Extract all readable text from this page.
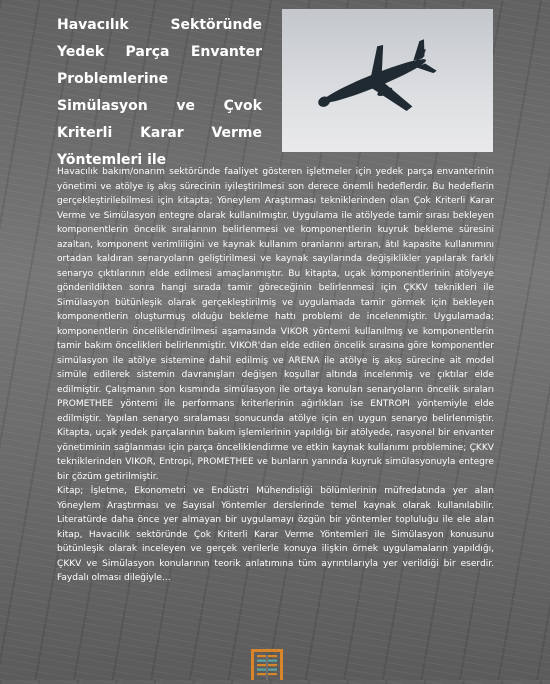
Havacılık Sektöründe Yedek Parça Envanter Problemlerine Simülasyon ve Çvok Kriterli Karar Verme Yöntemleri ile

Havacılık bakım/onarım sektöründe faaliyet gösteren işletmeler için yedek parça envanterinin yönetimi ve atölye iş akış sürecinin iyileştirilmesi son derece önemli hedeflerdir. Bu hedeflerin gerçekleştirilebilmesi için kitapta; Yöneylem Araştırması tekniklerinden olan Çok Kriterli Karar Verme ve Simülasyon entegre olarak kullanılmıştır. Uygulama ile atölyede tamir sırası bekleyen komponentlerin öncelik sıralarının belirlenmesi ve komponentlerin kuyruk bekleme süresini azaltan, komponent verimliliğini ve kaynak kullanım oranlarını artıran, âtıl kapasite kullanımını ortadan kaldıran senaryoların geliştirilmesi ve kaynak sayılarında değişiklikler yapılarak farklı senaryo çıktılarının elde edilmesi amaçlanmıştır. Bu kitapta, uçak komponentlerinin atölyeye gönderildikten sonra hangi sırada tamir göreceğinin belirlenmesi için ÇKKV teknikleri ile Simülasyon bütünleşik olarak gerçekleştirilmiş ve uygulamada tamir görmek için bekleyen komponentlerin oluşturmuş olduğu bekleme hattı problemi de incelenmiştir. Uygulamada; komponentlerin önceliklendirilmesi aşamasında VIKOR yöntemi kullanılmış ve komponentlerin tamir bakım öncelikleri belirlenmiştir. VIKOR'dan elde edilen öncelik sırasına göre komponentler simülasyon ile atölye sistemine dahil edilmiş ve ARENA ile atölye iş akış sürecine ait model simüle edilerek sistemin davranışları değişen koşullar altında incelenmiş ve çıktılar elde edilmiştir. Çalışmanın son kısmında simülasyon ile ortaya konulan senaryoların öncelik sıraları PROMETHEE yöntemi ile performans kriterlerinin ağırlıkları ise ENTROPI yöntemiyle elde edilmiştir. Yapılan senaryo sıralaması sonucunda atölye için en uygun senaryo belirlenmiştir. Kitapta, uçak yedek parçalarının bakım işlemlerinin yapıldığı bir atölyede, rasyonel bir envanter yönetiminin sağlanması için parça önceliklendirme ve etkin kaynak kullanımı problemine; ÇKKV tekniklerinden VIKOR, Entropi, PROMETHEE ve bunların yanında kuyruk simülasyonuyla entegre bir çözüm getirilmiştir.

Kitap; İşletme, Ekonometri ve Endüstri Mühendisliği bölümlerinin müfredatında yer alan Yöneylem Araştırması ve Sayısal Yöntemler derslerinde temel kaynak olarak kullanılabilir. Literatürde daha önce yer almayan bir uygulamayı özgün bir yöntemler topluluğu ile ele alan kitap, Havacılık sektöründe Çok Kriterli Karar Verme Yöntemleri ile Simülasyon konusunu bütünleşik olarak inceleyen ve gerçek verilerle konuya ilişkin örnek uygulamaların yapıldığı, ÇKKV ve Simülasyon konularının teorik anlatımına tüm ayrıntılarıyla yer verildiği bir eserdir. Faydalı olması dileğiyle...
